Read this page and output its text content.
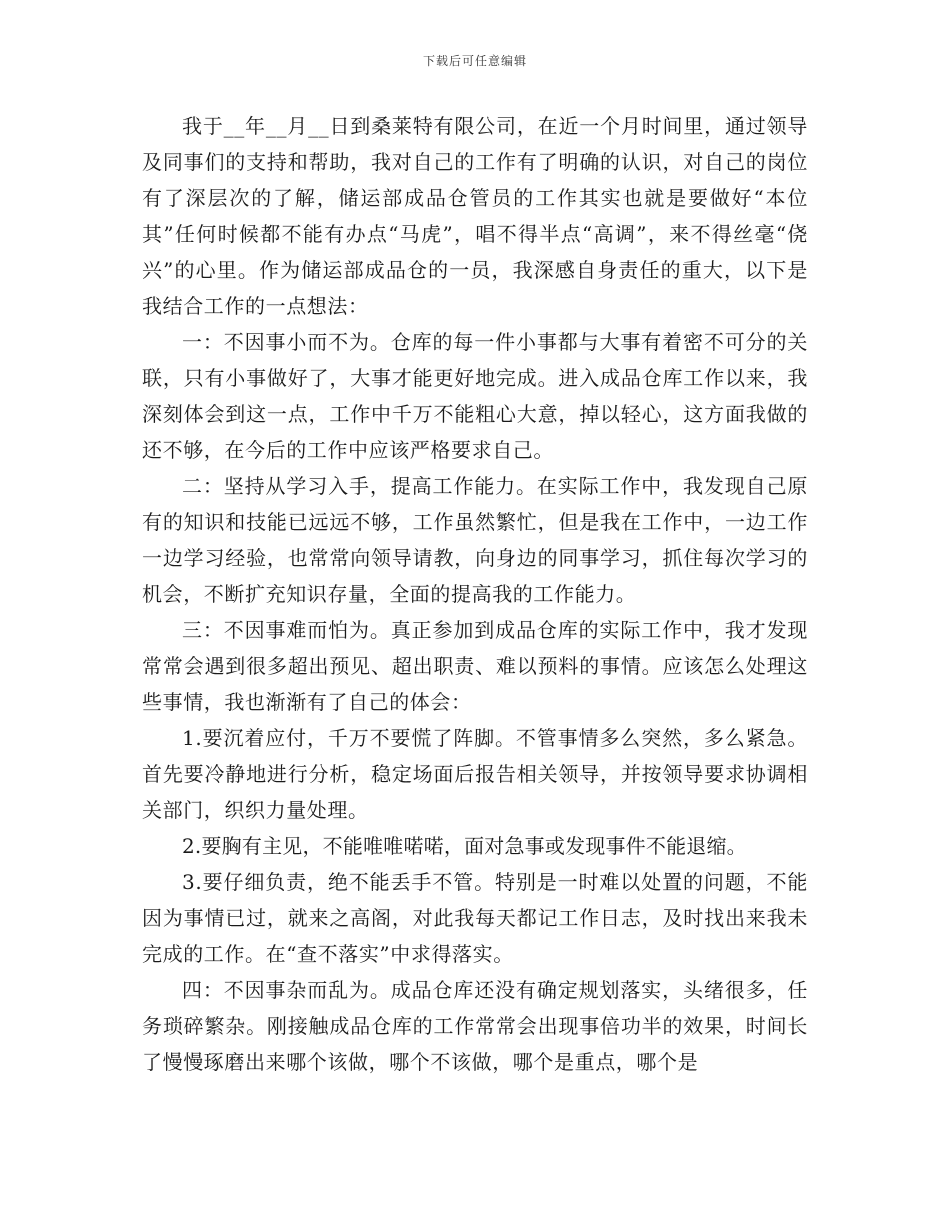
下载后可任意编辑

我于__年__月__日到桑莱特有限公司，在近一个月时间里，通过领导及同事们的支持和帮助，我对自己的工作有了明确的认识，对自己的岗位有了深层次的了解，储运部成品仓管员的工作其实也就是要做好“本位其”任何时候都不能有办点“马虎”，唱不得半点“高调”，来不得丝毫“侥兴”的心里。作为储运部成品仓的一员，我深感自身责任的重大，以下是我结合工作的一点想法：

一：不因事小而不为。仓库的每一件小事都与大事有着密不可分的关联，只有小事做好了，大事才能更好地完成。进入成品仓库工作以来，我深刻体会到这一点，工作中千万不能粗心大意，掉以轻心，这方面我做的还不够，在今后的工作中应该严格要求自己。

二：坚持从学习入手，提高工作能力。在实际工作中，我发现自己原有的知识和技能已远远不够，工作虽然繁忙，但是我在工作中，一边工作一边学习经验，也常常向领导请教，向身边的同事学习，抓住每次学习的机会，不断扩充知识存量，全面的提高我的工作能力。

三：不因事难而怕为。真正参加到成品仓库的实际工作中，我才发现常常会遇到很多超出预见、超出职责、难以预料的事情。应该怎么处理这些事情，我也渐渐有了自己的体会：

1.要沉着应付，千万不要慌了阵脚。不管事情多么突然，多么紧急。首先要冷静地进行分析，稳定场面后报告相关领导，并按领导要求协调相关部门，织织力量处理。

2.要胸有主见，不能唯唯喏喏，面对急事或发现事件不能退缩。

3.要仔细负责，绝不能丢手不管。特别是一时难以处置的问题，不能因为事情已过，就来之高阁，对此我每天都记工作日志，及时找出来我未完成的工作。在“查不落实”中求得落实。

四：不因事杂而乱为。成品仓库还没有确定规划落实，头绪很多，任务琐碎繁杂。刚接触成品仓库的工作常常会出现事倍功半的效果，时间长了慢慢琢磨出来哪个该做，哪个不该做，哪个是重点，哪个是
